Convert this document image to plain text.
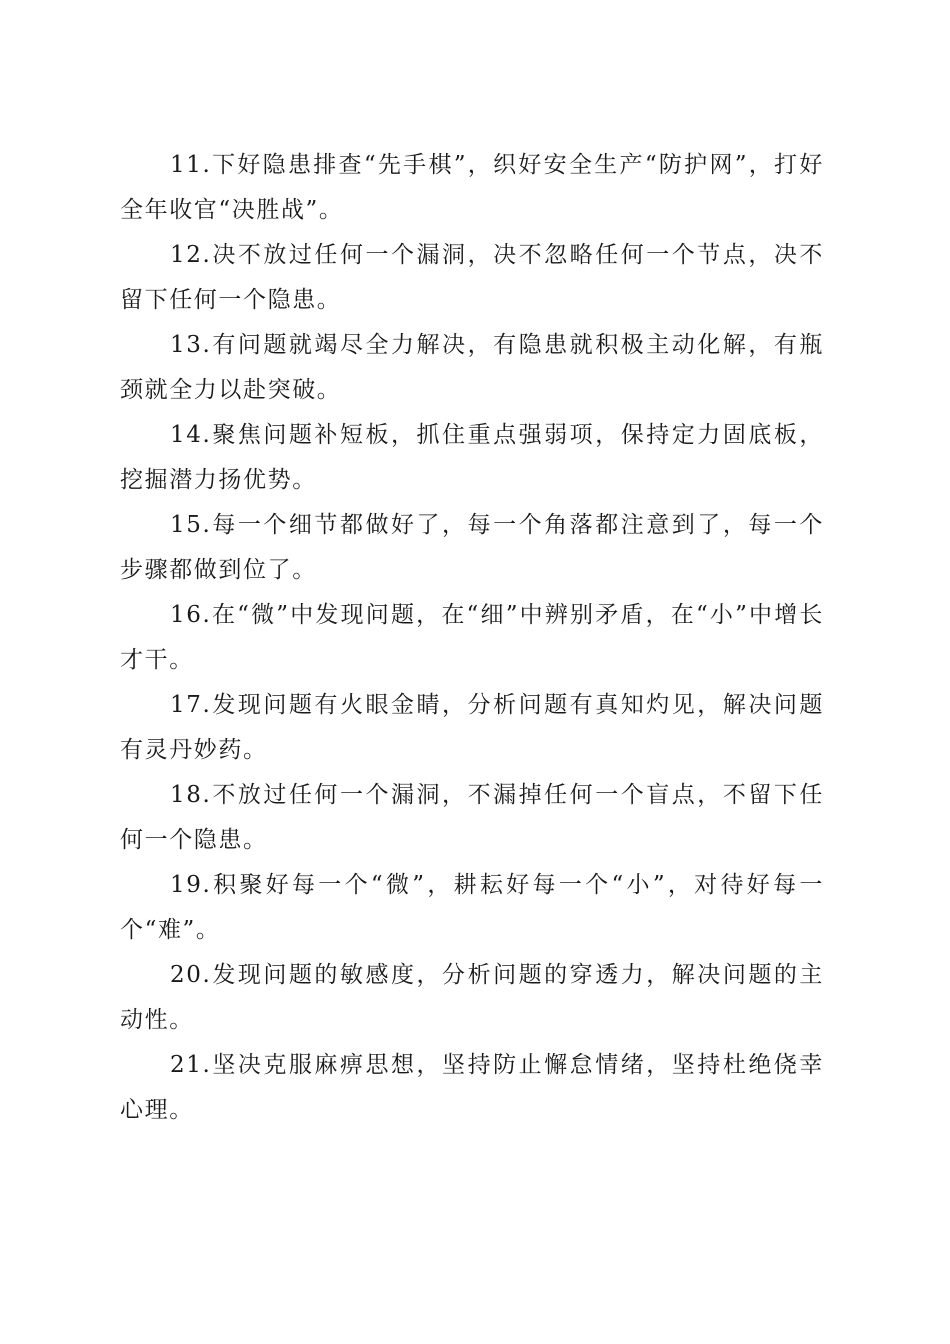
11.下好隐患排查“先手棋”，织好安全生产“防护网”，打好全年收官“决胜战”。

12.决不放过任何一个漏洞，决不忽略任何一个节点，决不留下任何一个隐患。

13.有问题就竭尽全力解决，有隐患就积极主动化解，有瓶颈就全力以赴突破。

14.聚焦问题补短板，抓住重点强弱项，保持定力固底板，挖掘潜力扬优势。

15.每一个细节都做好了，每一个角落都注意到了，每一个步骤都做到位了。

16.在“微”中发现问题，在“细”中辨别矛盾，在“小”中增长才干。

17.发现问题有火眼金睛，分析问题有真知灼见，解决问题有灵丹妙药。

18.不放过任何一个漏洞，不漏掉任何一个盲点，不留下任何一个隐患。

19.积聚好每一个“微”，耕耘好每一个“小”，对待好每一个“难”。

20.发现问题的敏感度，分析问题的穿透力，解决问题的主动性。

21.坚决克服麻痹思想，坚持防止懈怠情绪，坚持杜绝侥幸心理。
